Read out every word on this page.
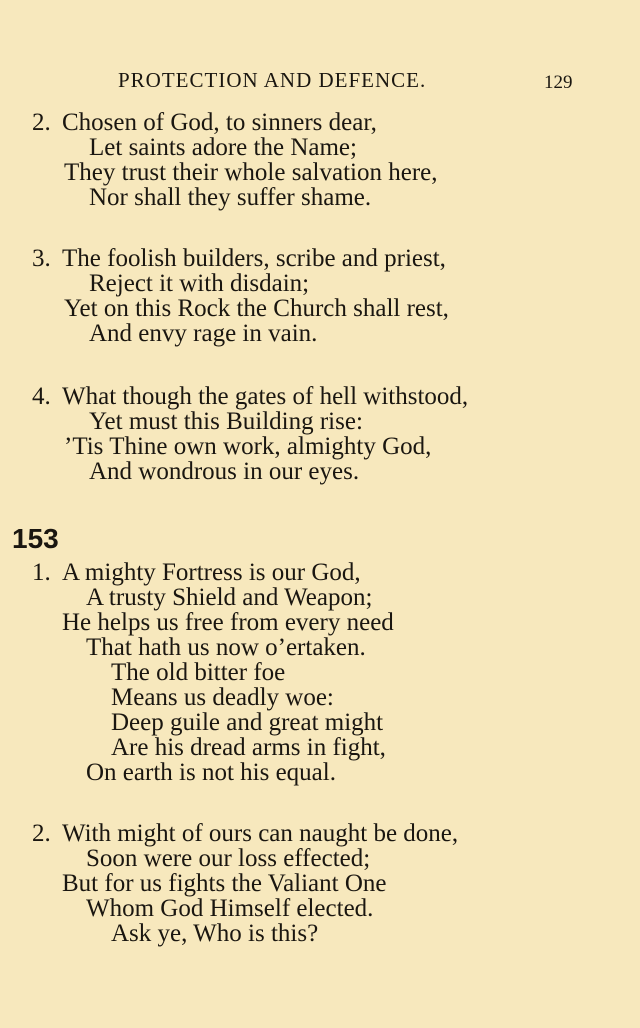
PROTECTION AND DEFENCE.	129
2. Chosen of God, to sinners dear,
Let saints adore the Name;
They trust their whole salvation here,
Nor shall they suffer shame.
3. The foolish builders, scribe and priest,
Reject it with disdain;
Yet on this Rock the Church shall rest,
And envy rage in vain.
4. What though the gates of hell withstood,
Yet must this Building rise:
’Tis Thine own work, almighty God,
And wondrous in our eyes.
153
1. A mighty Fortress is our God,
A trusty Shield and Weapon;
He helps us free from every need
That hath us now o’ertaken.
The old bitter foe
Means us deadly woe:
Deep guile and great might
Are his dread arms in fight,
On earth is not his equal.
2. With might of ours can naught be done,
Soon were our loss effected;
But for us fights the Valiant One
Whom God Himself elected.
Ask ye, Who is this?
